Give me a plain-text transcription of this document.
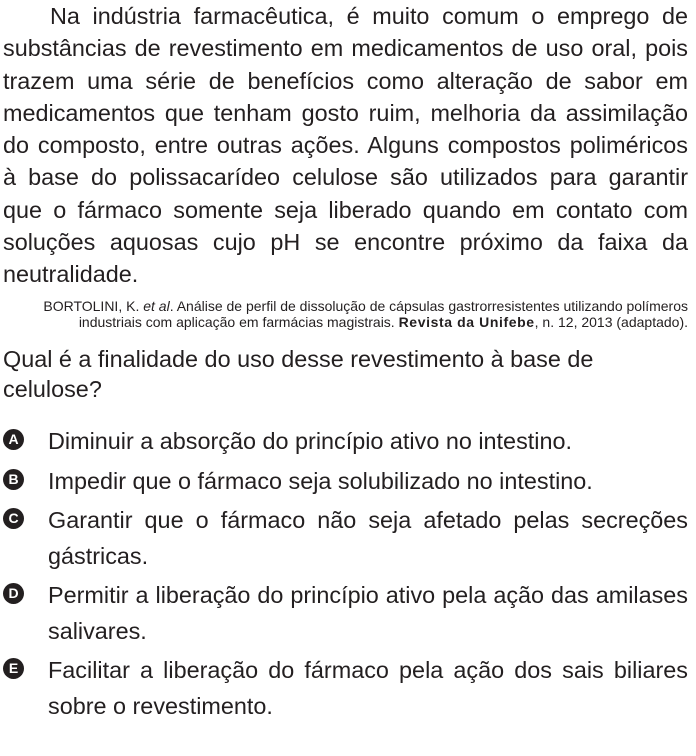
Na indústria farmacêutica, é muito comum o emprego de substâncias de revestimento em medicamentos de uso oral, pois trazem uma série de benefícios como alteração de sabor em medicamentos que tenham gosto ruim, melhoria da assimilação do composto, entre outras ações. Alguns compostos poliméricos à base do polissacarídeo celulose são utilizados para garantir que o fármaco somente seja liberado quando em contato com soluções aquosas cujo pH se encontre próximo da faixa da neutralidade.

BORTOLINI, K. et al. Análise de perfil de dissolução de cápsulas gastrorresistentes utilizando polímeros industriais com aplicação em farmácias magistrais. Revista da Unifebe, n. 12, 2013 (adaptado).

Qual é a finalidade do uso desse revestimento à base de celulose?

A Diminuir a absorção do princípio ativo no intestino.
B Impedir que o fármaco seja solubilizado no intestino.
C Garantir que o fármaco não seja afetado pelas secreções gástricas.
D Permitir a liberação do princípio ativo pela ação das amilases salivares.
E Facilitar a liberação do fármaco pela ação dos sais biliares sobre o revestimento.
